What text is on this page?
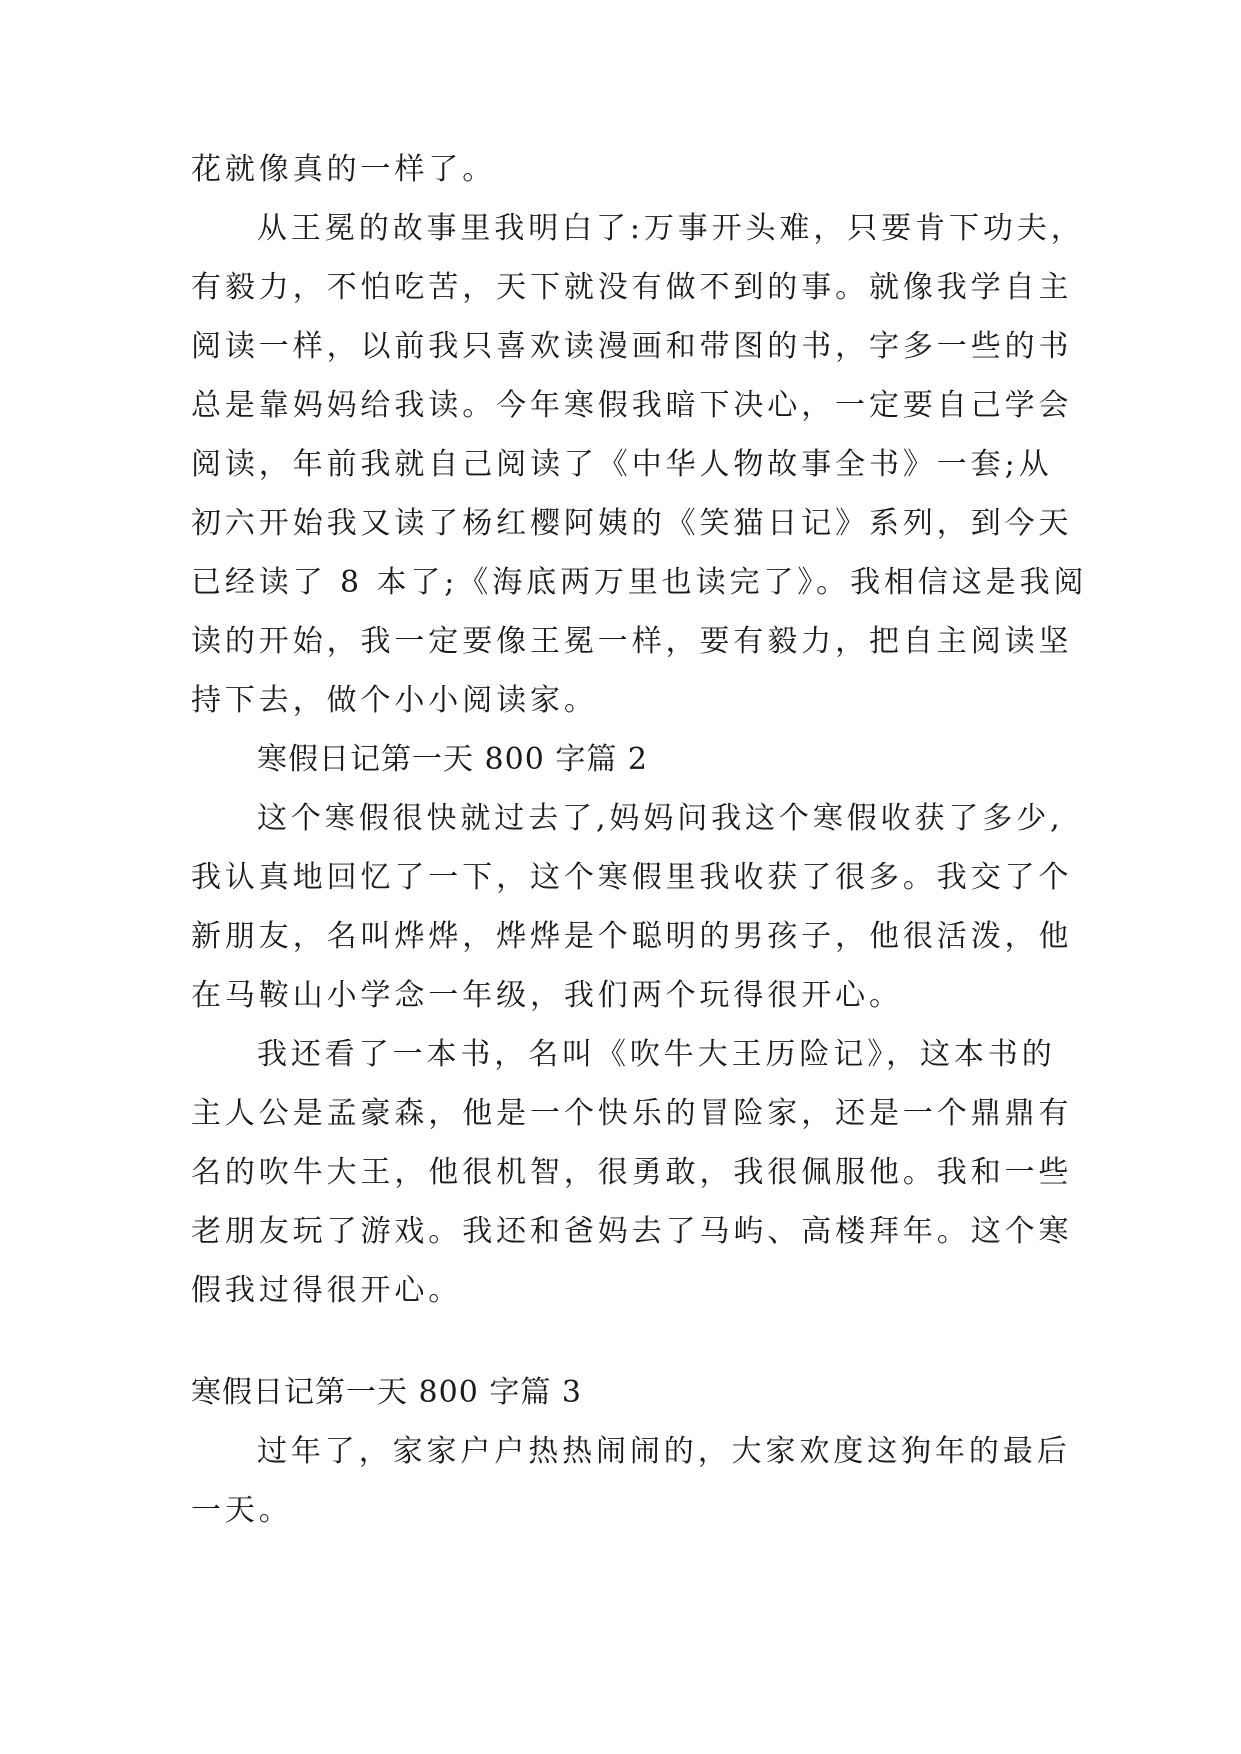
花就像真的一样了。
从王冕的故事里我明白了:万事开头难，只要肯下功夫，
有毅力，不怕吃苦，天下就没有做不到的事。就像我学自主
阅读一样，以前我只喜欢读漫画和带图的书，字多一些的书
总是靠妈妈给我读。今年寒假我暗下决心，一定要自己学会
阅读，年前我就自己阅读了《中华人物故事全书》一套;从
初六开始我又读了杨红樱阿姨的《笑猫日记》系列，到今天
已经读了 8 本了;《海底两万里也读完了》。我相信这是我阅
读的开始，我一定要像王冕一样，要有毅力，把自主阅读坚
持下去，做个小小阅读家。
寒假日记第一天 800 字篇 2
这个寒假很快就过去了,妈妈问我这个寒假收获了多少,
我认真地回忆了一下，这个寒假里我收获了很多。我交了个
新朋友，名叫烨烨，烨烨是个聪明的男孩子，他很活泼，他
在马鞍山小学念一年级，我们两个玩得很开心。
我还看了一本书，名叫《吹牛大王历险记》，这本书的
主人公是孟豪森，他是一个快乐的冒险家，还是一个鼎鼎有
名的吹牛大王，他很机智，很勇敢，我很佩服他。我和一些
老朋友玩了游戏。我还和爸妈去了马屿、高楼拜年。这个寒
假我过得很开心。
寒假日记第一天 800 字篇 3
过年了，家家户户热热闹闹的，大家欢度这狗年的最后
一天。
